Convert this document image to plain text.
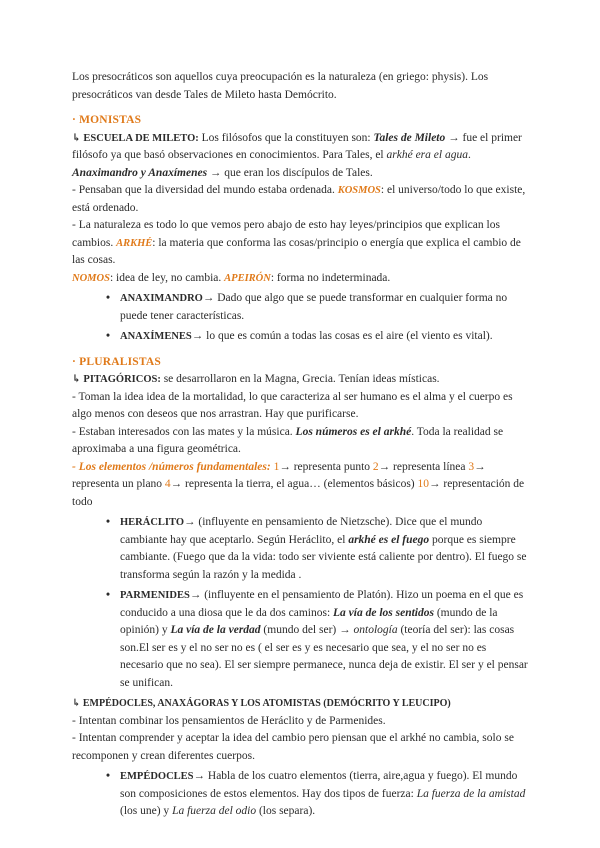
Los presocráticos son aquellos cuya preocupación es la naturaleza (en griego: physis). Los presocráticos van desde Tales de Mileto hasta Demócrito.

· MONISTAS

↳ ESCUELA DE MILETO: Los filósofos que la constituyen son: Tales de Mileto → fue el primer filósofo ya que basó observaciones en conocimientos. Para Tales, el arkhé era el agua. Anaximandro y Anaxímenes → que eran los discípulos de Tales.

- Pensaban que la diversidad del mundo estaba ordenada. KOSMOS: el universo/todo lo que existe, está ordenado.

- La naturaleza es todo lo que vemos pero abajo de esto hay leyes/principios que explican los cambios. ARKHÉ: la materia que conforma las cosas/principio o energía que explica el cambio de las cosas.

NOMOS: idea de ley, no cambia. APEIRÓN: forma no indeterminada.

• ANAXIMANDRO→ Dado que algo que se puede transformar en cualquier forma no puede tener características.
• ANAXÍMENES→ lo que es común a todas las cosas es el aire (el viento es vital).

· PLURALISTAS

↳ PITAGÓRICOS: se desarrollaron en la Magna, Grecia. Tenían ideas místicas.

- Toman la idea idea de la mortalidad, lo que caracteriza al ser humano es el alma y el cuerpo es algo menos con deseos que nos arrastran. Hay que purificarse.

- Estaban interesados con las mates y la música. Los números es el arkhé. Toda la realidad se aproximaba a una figura geométrica.

- Los elementos /números fundamentales: 1→ representa punto 2→ representa línea 3→ representa un plano 4→ representa la tierra, el agua… (elementos básicos) 10→ representación de todo

• HERÁCLITO→ (influyente en pensamiento de Nietzsche). Dice que el mundo cambiante hay que aceptarlo. Según Heráclito, el arkhé es el fuego porque es siempre cambiante. (Fuego que da la vida: todo ser viviente está caliente por dentro). El fuego se transforma según la razón y la medida .
• PARMENIDES→ (influyente en el pensamiento de Platón). Hizo un poema en el que es conducido a una diosa que le da dos caminos: La vía de los sentidos (mundo de la opinión) y La vía de la verdad (mundo del ser) → ontología (teoría del ser): las cosas son.El ser es y el no ser no es ( el ser es y es necesario que sea, y el no ser no es necesario que no sea). El ser siempre permanece, nunca deja de existir. El ser y el pensar se unifican.

↳ EMPÉDOCLES, ANAXÁGORAS Y LOS ATOMISTAS (DEMÓCRITO Y LEUCIPO)

- Intentan combinar los pensamientos de Heráclito y de Parmenides.

- Intentan comprender y aceptar la idea del cambio pero piensan que el arkhé no cambia, solo se recomponen y crean diferentes cuerpos.

• EMPÉDOCLES→ Habla de los cuatro elementos (tierra, aire,agua y fuego). El mundo son composiciones de estos elementos. Hay dos tipos de fuerza: La fuerza de la amistad (los une) y La fuerza del odio (los separa).
